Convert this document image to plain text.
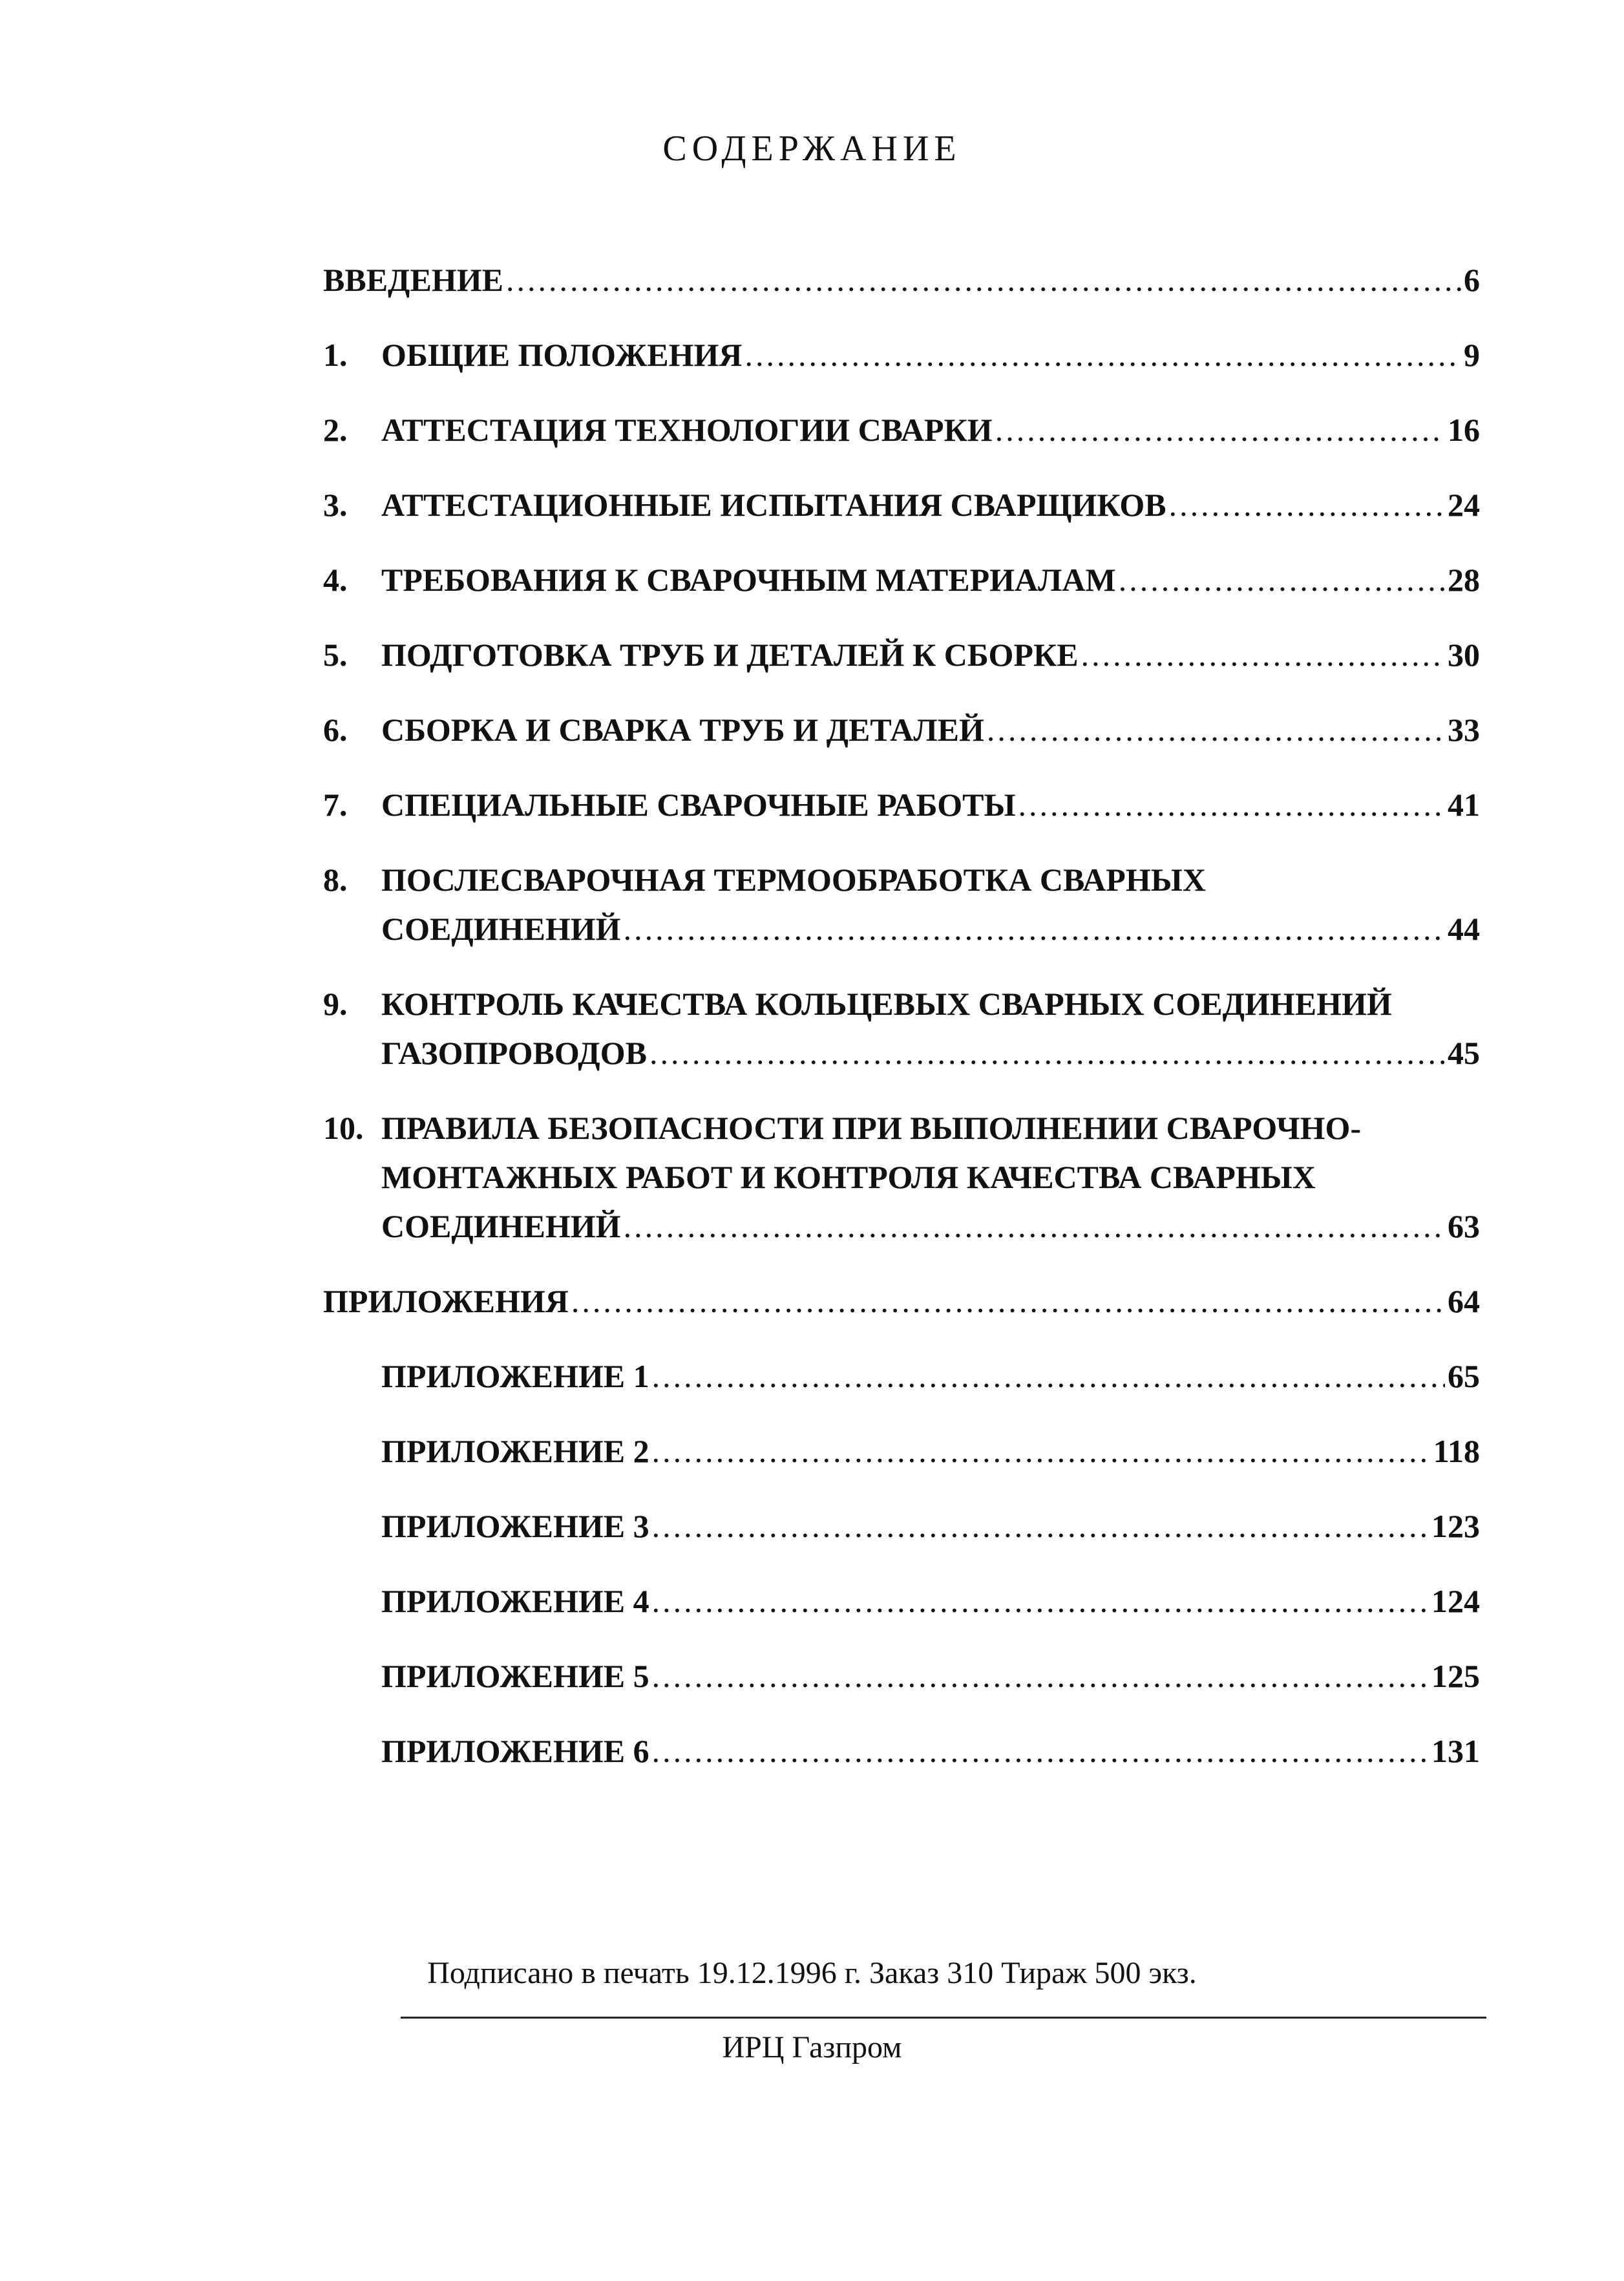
СОДЕРЖАНИЕ
ВВЕДЕНИЕ .....	6
1.	ОБЩИЕ ПОЛОЖЕНИЯ .....	9
2.	АТТЕСТАЦИЯ ТЕХНОЛОГИИ СВАРКИ .....	16
3.	АТТЕСТАЦИОННЫЕ ИСПЫТАНИЯ СВАРЩИКОВ .....	24
4.	ТРЕБОВАНИЯ К СВАРОЧНЫМ МАТЕРИАЛАМ .....	28
5.	ПОДГОТОВКА ТРУБ И ДЕТАЛЕЙ К СБОРКЕ .....	30
6.	СБОРКА И СВАРКА ТРУБ И ДЕТАЛЕЙ .....	33
7.	СПЕЦИАЛЬНЫЕ СВАРОЧНЫЕ РАБОТЫ .....	41
8.	ПОСЛЕСВАРОЧНАЯ ТЕРМООБРАБОТКА СВАРНЫХ
СОЕДИНЕНИЙ .....	44
9.	КОНТРОЛЬ КАЧЕСТВА КОЛЬЦЕВЫХ СВАРНЫХ СОЕДИНЕНИЙ
ГАЗОПРОВОДОВ .....	45
10. ПРАВИЛА БЕЗОПАСНОСТИ ПРИ ВЫПОЛНЕНИИ СВАРОЧНО-
МОНТАЖНЫХ РАБОТ И КОНТРОЛЯ КАЧЕСТВА СВАРНЫХ
СОЕДИНЕНИЙ .....	63
ПРИЛОЖЕНИЯ .....	64
ПРИЛОЖЕНИЕ 1 .....	65
ПРИЛОЖЕНИЕ 2 .....	118
ПРИЛОЖЕНИЕ 3 .....	123
ПРИЛОЖЕНИЕ 4 .....	124
ПРИЛОЖЕНИЕ 5 .....	125
ПРИЛОЖЕНИЕ 6 .....	131
Подписано в печать 19.12.1996 г. Заказ 310 Тираж 500 экз.
ИРЦ Газпром
